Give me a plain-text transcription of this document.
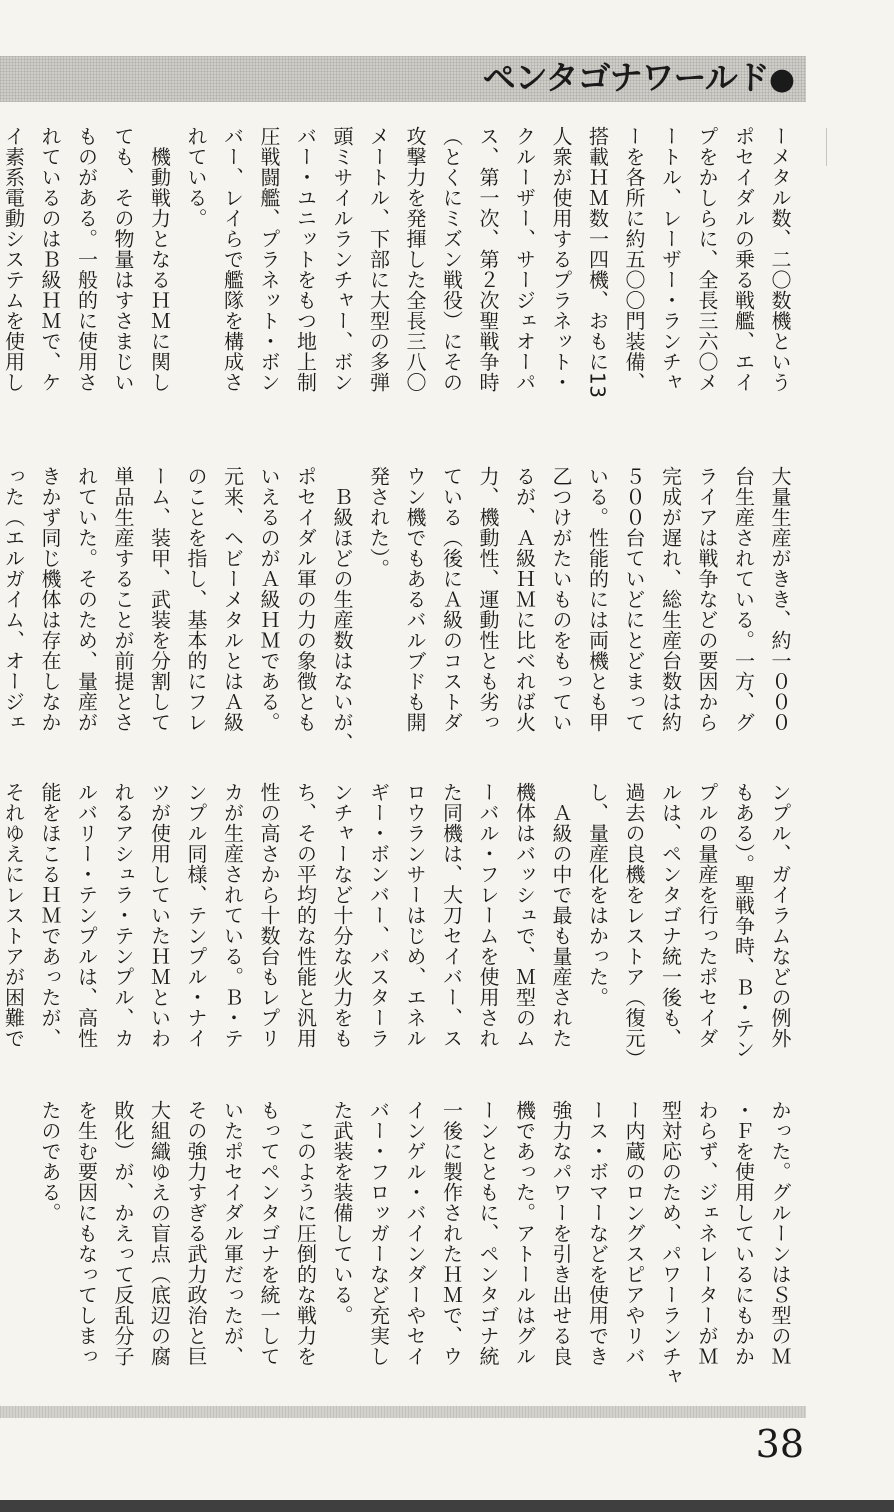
ペンタゴナワールド●
ーメタル数、二〇数機という
ポセイダルの乗る戦艦、エイ
プをかしらに、全長三六〇メ
ートル、レーザー・ランチャ
ーを各所に約五〇〇門装備、
搭載ＨＭ数一四機、おもに13
人衆が使用するプラネット・
クルーザー、サージェオーパ
ス、第一次、第２次聖戦争時
（とくにミズン戦役）にその
攻撃力を発揮した全長三八〇
メートル、下部に大型の多弾
頭ミサイルランチャー、ボン
バー・ユニットをもつ地上制
圧戦闘艦、プラネット・ボン
バー、レイらで艦隊を構成さ
れている。
　機動戦力となるＨＭに関し
ても、その物量はすさまじい
ものがある。一般的に使用さ
れているのはＢ級ＨＭで、ケ
イ素系電動システムを使用し
大量生産がきき、約一０００
台生産されている。一方、グ
ライアは戦争などの要因から
完成が遅れ、総生産台数は約
５００台ていどにとどまって
いる。性能的には両機とも甲
乙つけがたいものをもってい
るが、Ａ級ＨＭに比べれば火
力、機動性、運動性とも劣っ
ている（後にＡ級のコストダ
ウン機でもあるバルブドも開
発された）。
　Ｂ級ほどの生産数はないが、
ポセイダル軍の力の象徴とも
いえるのがＡ級ＨＭである。
元来、ヘビーメタルとはＡ級
のことを指し、基本的にフレ
ーム、装甲、武装を分割して
単品生産することが前提とさ
れていた。そのため、量産が
きかず同じ機体は存在しなか
った（エルガイム、オージェ
ンプル、ガイラムなどの例外
もある）。聖戦争時、Ｂ・テン
プルの量産を行ったポセイダ
ルは、ペンタゴナ統一後も、
過去の良機をレストア（復元）
し、量産化をはかった。
　Ａ級の中で最も量産された
機体はバッシュで、Ｍ型のム
ーバル・フレームを使用され
た同機は、大刀セイバー、ス
ロウランサーはじめ、エネル
ギー・ボンバー、バスターラ
ンチャーなど十分な火力をも
ち、その平均的な性能と汎用
性の高さから十数台もレプリ
カが生産されている。Ｂ・テ
ンプル同様、テンプル・ナイ
ツが使用していたＨＭといわ
れるアシュラ・テンプル、カ
ルバリー・テンプルは、高性
能をほこるＨＭであったが、
それゆえにレストアが困難で
かった。グルーンはＳ型のＭ
・Ｆを使用しているにもかか
わらず、ジェネレーターがＭ
型対応のため、パワーランチャ
ー内蔵のロングスピアやリバ
ース・ボマーなどを使用でき
強力なパワーを引き出せる良
機であった。アトールはグル
ーンとともに、ペンタゴナ統
一後に製作されたＨＭで、ウ
インゲル・バインダーやセイ
バー・フロッガーなど充実し
た武装を装備している。
　このように圧倒的な戦力を
もってペンタゴナを統一して
いたポセイダル軍だったが、
その強力すぎる武力政治と巨
大組織ゆえの盲点（底辺の腐
敗化）が、かえって反乱分子
を生む要因にもなってしまっ
たのである。
38
